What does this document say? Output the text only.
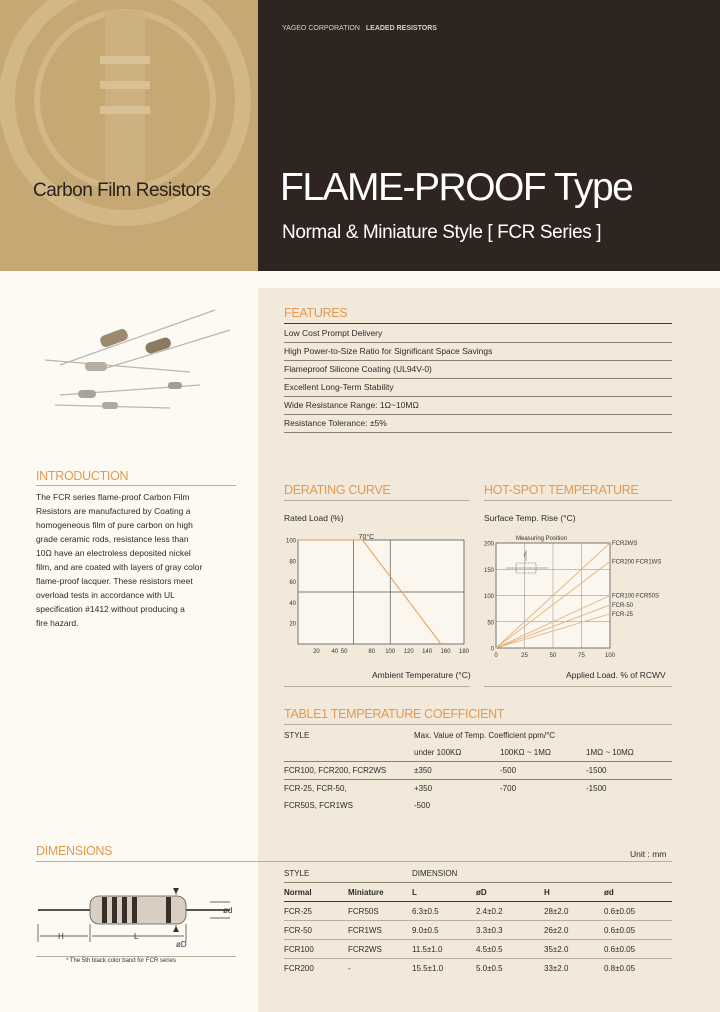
Carbon Film Resistors
YAGEO CORPORATION LEADED RESISTORS
FLAME-PROOF Type
Normal & Miniature Style [ FCR Series ]
FEATURES
Low Cost Prompt Delivery
High Power-to-Size Ratio for Significant Space Savings
Flameproof Silicone Coating (UL94V-0)
Excellent Long-Term Stability
Wide Resistance Range: 1Ω~10MΩ
Resistance Tolerance: ±5%
INTRODUCTION
The FCR series flame-proof Carbon Film
Resistors are manufactured by Coating a
homogeneous film of pure carbon on high
grade ceramic rods, resistance less than
10Ω have an electroless deposited nickel
film, and are coated with layers of gray color
flame-proof lacquer. These resistors meet
overload tests in accordance with UL
specification #1412 without producing a
fire hazard.
DERATING CURVE
Rated Load (%)
100
80
60
40
20
20 40 50	80 100 120 140 160 180
70°C
Ambient Temperature (°C)
HOT-SPOT TEMPERATURE
Surface Temp. Rise (°C)
200
150
100
50
0
0	25	50	75	100
FCR2WS
FCR200 FCR1WS
FCR100 FCR50S
FCR-50
FCR-25
Measuring Position
l
Applied Load. % of RCWV
TABLE1 TEMPERATURE COEFFICIENT
STYLE	Max. Value of Temp. Coefficient ppm/°C		
	under 100KΩ	100KΩ ~ 1MΩ	1MΩ ~ 10MΩ
FCR100, FCR200, FCR2WS	±350	-500	-1500
FCR-25, FCR-50,	+350	-700	-1500
FCR50S, FCR1WS	-500		
DIMENSIONS	Unit : mm
H	L
ød
øD
* The 5th black color band for FCR series
STYLE		DIMENSION			
Normal	Miniature	L	øD	H	ød
FCR-25	FCR50S	6.3±0.5	2.4±0.2	28±2.0	0.6±0.05
FCR-50	FCR1WS	9.0±0.5	3.3±0.3	26±2.0	0.6±0.05
FCR100	FCR2WS	11.5±1.0	4.5±0.5	35±2.0	0.6±0.05
FCR200	-	15.5±1.0	5.0±0.5	33±2.0	0.8±0.05
